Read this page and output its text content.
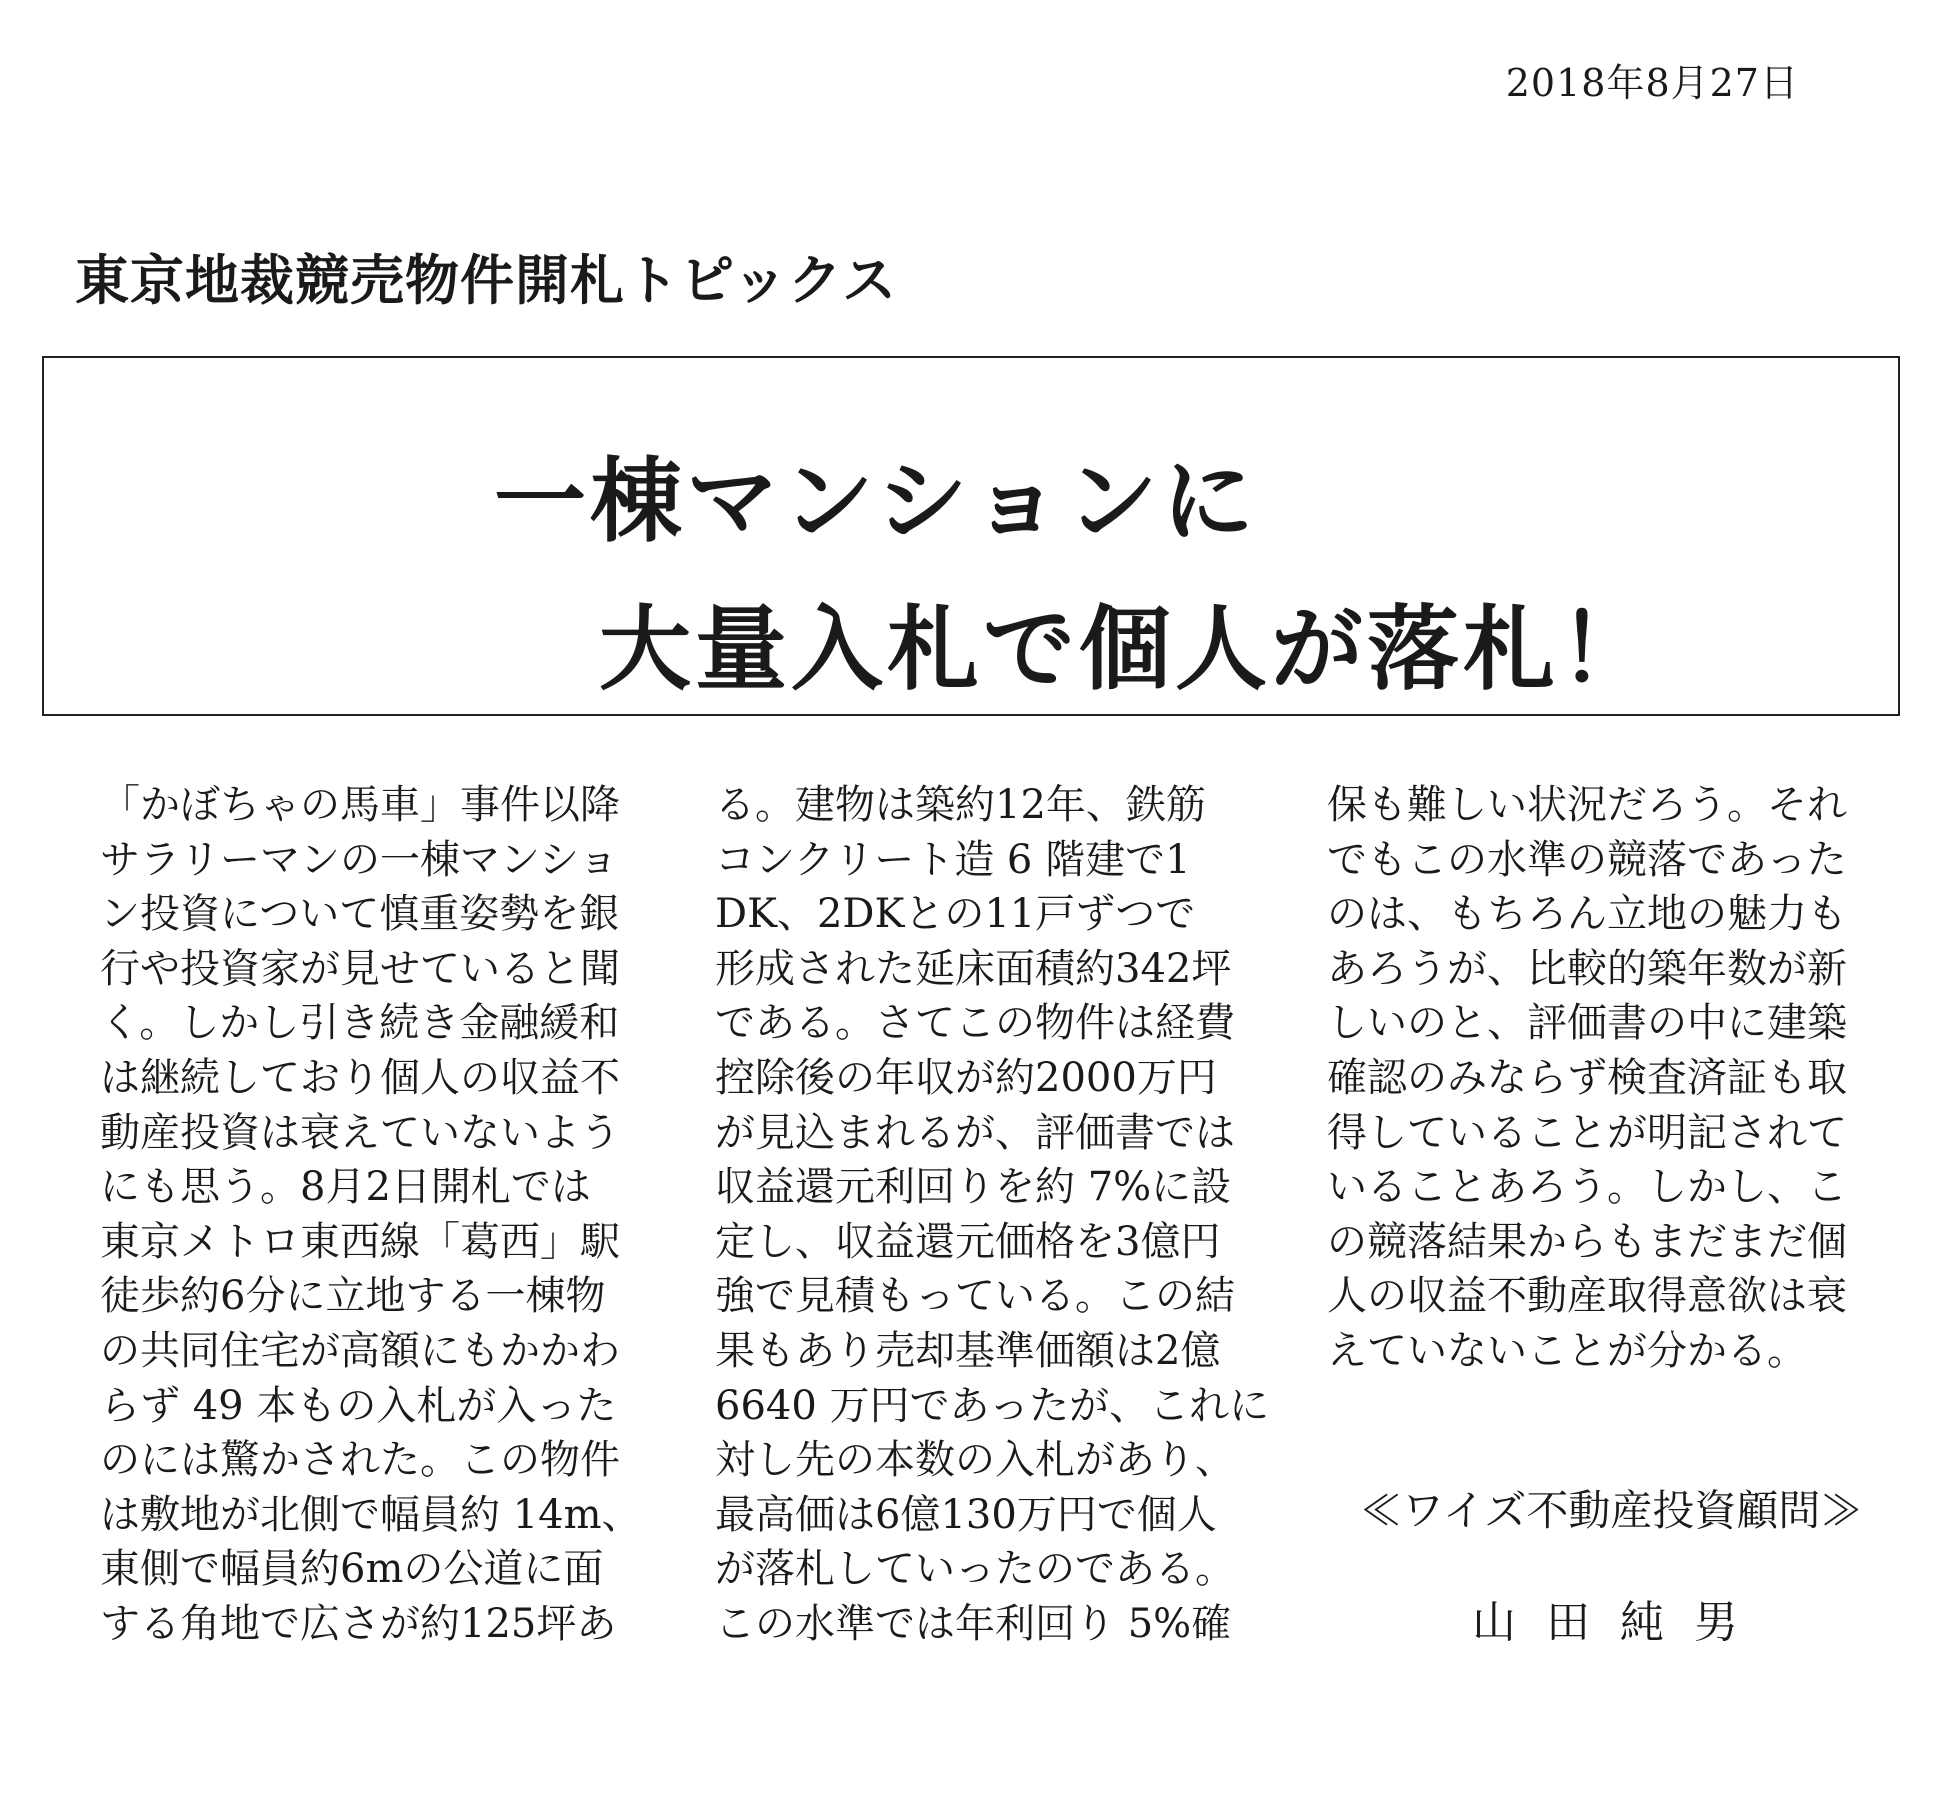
2018年8月27日
東京地裁競売物件開札トピックス
一棟マンションに
大量入札で個人が落札！
「かぼちゃの馬車」事件以降
サラリーマンの一棟マンショ
ン投資について慎重姿勢を銀
行や投資家が見せていると聞
く。しかし引き続き金融緩和
は継続しており個人の収益不
動産投資は衰えていないよう
にも思う。8月2日開札では
東京メトロ東西線「葛西」駅
徒歩約6分に立地する一棟物
の共同住宅が高額にもかかわ
らず 49 本もの入札が入った
のには驚かされた。この物件
は敷地が北側で幅員約 14m、
東側で幅員約6mの公道に面
する角地で広さが約125坪あ
る。建物は築約12年、鉄筋
コンクリート造 6 階建で1
DK、2DKとの11戸ずつで
形成された延床面積約342坪
である。さてこの物件は経費
控除後の年収が約2000万円
が見込まれるが、評価書では
収益還元利回りを約 7%に設
定し、収益還元価格を3億円
強で見積もっている。この結
果もあり売却基準価額は2億
6640 万円であったが、これに
対し先の本数の入札があり、
最高価は6億130万円で個人
が落札していったのである。
この水準では年利回り 5%確
保も難しい状況だろう。それ
でもこの水準の競落であった
のは、もちろん立地の魅力も
あろうが、比較的築年数が新
しいのと、評価書の中に建築
確認のみならず検査済証も取
得していることが明記されて
いることあろう。しかし、こ
の競落結果からもまだまだ個
人の収益不動産取得意欲は衰
えていないことが分かる。
≪ワイズ不動産投資顧問≫
山田純男
